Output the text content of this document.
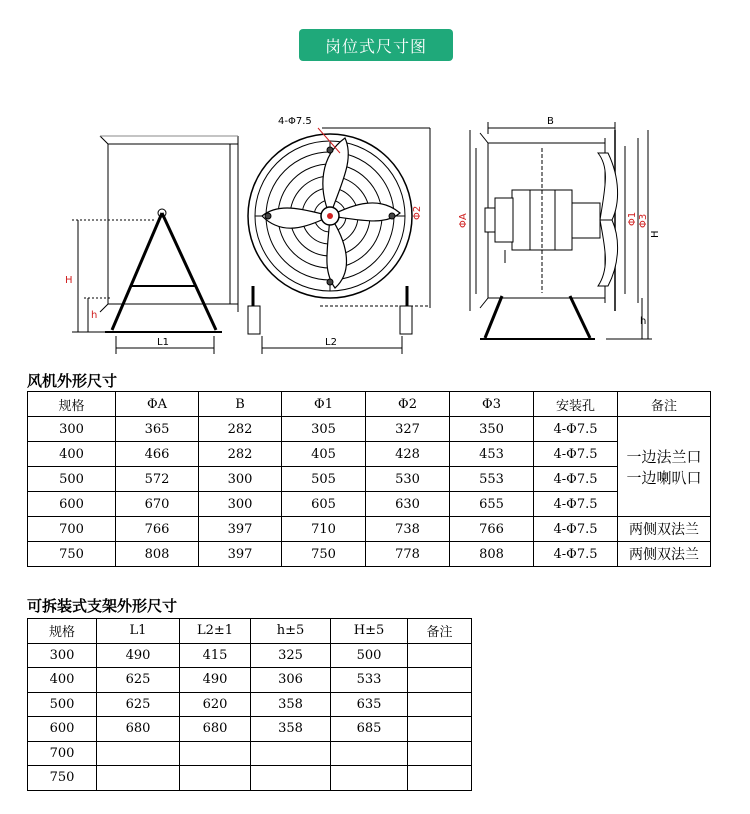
岗位式尺寸图
H
h
L1
4-Φ7.5
Φ2
L2
B
ΦA	Φ1 Φ3
H
h
风机外形尺寸
规格	ΦA	B	Φ1	Φ2	Φ3	安装孔	备注
300	365	282	305	327	350	4-Φ7.5	一边法兰口
一边喇叭口

400	466	282	405	428	453	4-Φ7.5	
500	572	300	505	530	553	4-Φ7.5	
600	670	300	605	630	655	4-Φ7.5	
700	766	397	710	738	766	4-Φ7.5	两侧双法兰
750	808	397	750	778	808	4-Φ7.5	两侧双法兰
可拆装式支架外形尺寸
规格	L1	L2±1	h±5	H±5	备注
300	490	415	325	500	
400	625	490	306	533	
500	625	620	358	635	
600	680	680	358	685	
700					
750					
